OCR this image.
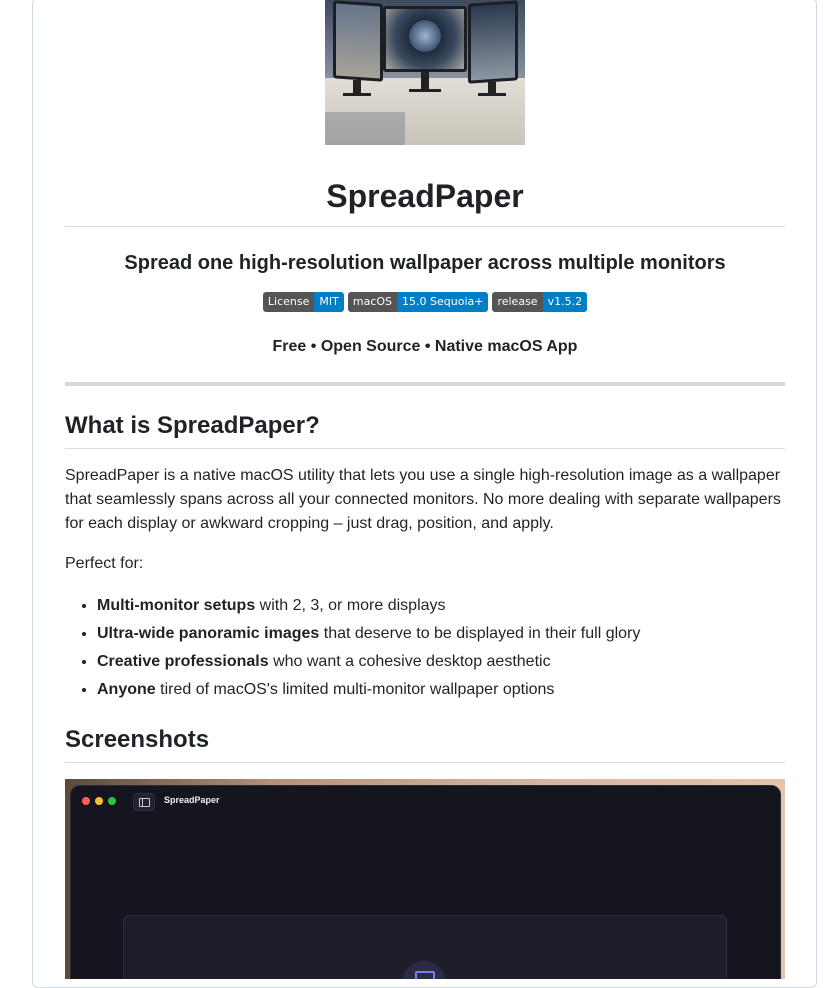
SpreadPaper
Spread one high-resolution wallpaper across multiple monitors
License MIT
	macOS 15.0 Sequoia+
	release v1.5.2
Free • Open Source • Native macOS App
What is SpreadPaper?

SpreadPaper is a native macOS utility that lets you use a single high-resolution image as a wallpaper that seamlessly spans across all your connected monitors. No more dealing with separate wallpapers for each display or awkward cropping – just drag, position, and apply.

Perfect for:

• Multi-monitor setups with 2, 3, or more displays
• Ultra-wide panoramic images that deserve to be displayed in their full glory
• Creative professionals who want a cohesive desktop aesthetic
• Anyone tired of macOS's limited multi-monitor wallpaper options
Screenshots
SpreadPaper
